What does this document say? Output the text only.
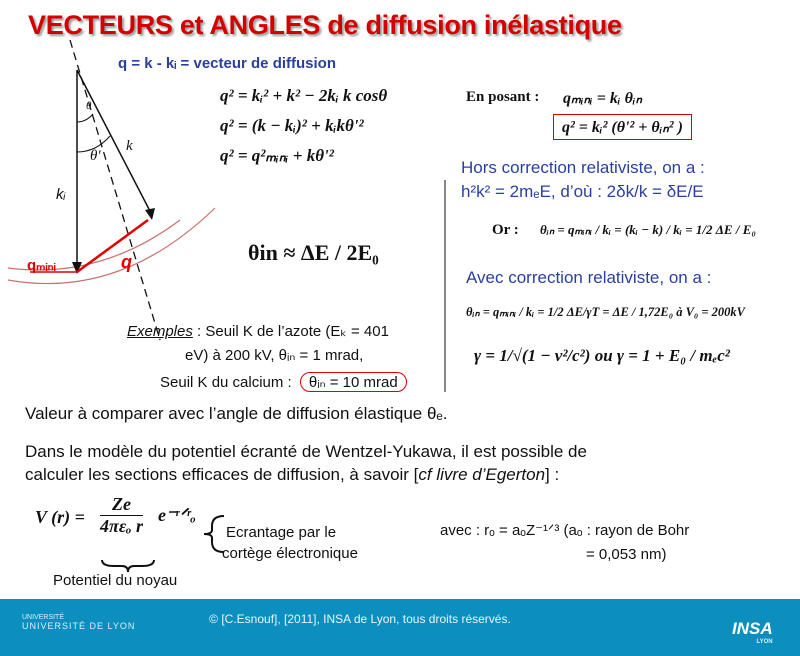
VECTEURS et ANGLES de diffusion inélastique
q = k - kᵢ = vecteur de diffusion
k
kᵢ
θ'
θ
qₘᵢₙᵢ	q
q² = kᵢ² + k² − 2kᵢ k cosθ
q² = (k − kᵢ)² + kᵢkθ'²
q² = q²ₘᵢₙᵢ + kθ'²
En posant : qₘᵢₙᵢ = kᵢ θᵢₙ
q² = kᵢ² (θ'² + θᵢₙ² )
θin ≈ ΔE / 2E₀
Hors correction relativiste, on a :
h²k² = 2mₑE, d’où : 2δk/k = δE/E
Or : θᵢₙ = qₘᵢₙᵢ / kᵢ = (kᵢ − k) / kᵢ = 1/2 ΔE / E₀
Avec correction relativiste, on a :
θᵢₙ = qₘᵢₙᵢ / kᵢ = 1/2 ΔE/γT = ΔE / 1,72E₀ à V₀ = 200kV
γ = 1/√(1 − v²/c²) ou γ = 1 + E₀ / mₑc²
Exemples : Seuil K de l’azote (Eₖ = 401
eV) à 200 kV, θᵢₙ = 1 mrad,
Seuil K du calcium : θᵢₙ = 10 mrad
Valeur à comparer avec l’angle de diffusion élastique θₑ.
Dans le modèle du potentiel écranté de Wentzel-Yukawa, il est possible de
calculer les sections efficaces de diffusion, à savoir [cf livre d’Egerton] :
V (r) =
Ze
4πεₒ r
e⁻ʳᐟʳₒ
Ecrantage par le
cortège électronique
Potentiel du noyau
avec : rₒ = aₒZ⁻¹ᐟ³ (aₒ : rayon de Bohr
= 0,053 nm)
UNIVERSITÉ
UNIVERSITÉ DE LYON	© [C.Esnouf], [2011], INSA de Lyon, tous droits réservés.	INSA
LYON
